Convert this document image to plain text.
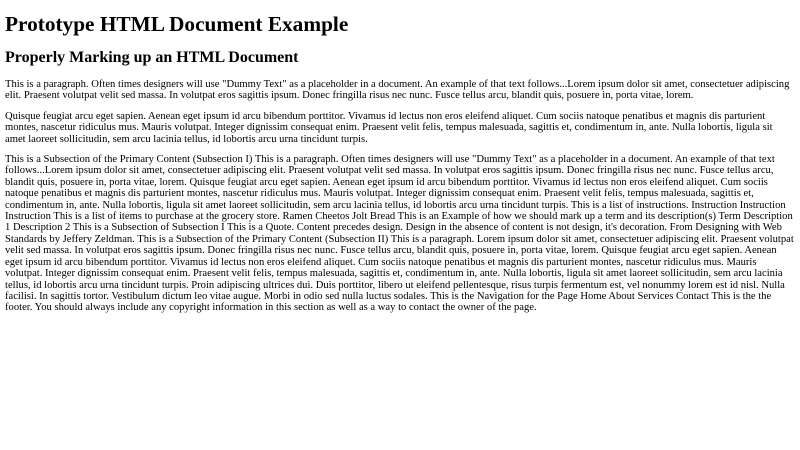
Prototype HTML Document Example
Properly Marking up an HTML Document

This is a paragraph. Often times designers will use "Dummy Text" as a placeholder in a document. An example of that text follows...Lorem ipsum dolor sit amet, consectetuer adipiscing elit. Praesent volutpat velit sed massa. In volutpat eros sagittis ipsum. Donec fringilla risus nec nunc. Fusce tellus arcu, blandit quis, posuere in, porta vitae, lorem.

Quisque feugiat arcu eget sapien. Aenean eget ipsum id arcu bibendum porttitor. Vivamus id lectus non eros eleifend aliquet. Cum sociis natoque penatibus et magnis dis parturient montes, nascetur ridiculus mus. Mauris volutpat. Integer dignissim consequat enim. Praesent velit felis, tempus malesuada, sagittis et, condimentum in, ante. Nulla lobortis, ligula sit amet laoreet sollicitudin, sem arcu lacinia tellus, id lobortis arcu urna tincidunt turpis.

This is a Subsection of the Primary Content (Subsection I) This is a paragraph. Often times designers will use "Dummy Text" as a placeholder in a document. An example of that text follows...Lorem ipsum dolor sit amet, consectetuer adipiscing elit. Praesent volutpat velit sed massa. In volutpat eros sagittis ipsum. Donec fringilla risus nec nunc. Fusce tellus arcu, blandit quis, posuere in, porta vitae, lorem. Quisque feugiat arcu eget sapien. Aenean eget ipsum id arcu bibendum porttitor. Vivamus id lectus non eros eleifend aliquet. Cum sociis natoque penatibus et magnis dis parturient montes, nascetur ridiculus mus. Mauris volutpat. Integer dignissim consequat enim. Praesent velit felis, tempus malesuada, sagittis et, condimentum in, ante. Nulla lobortis, ligula sit amet laoreet sollicitudin, sem arcu lacinia tellus, id lobortis arcu urna tincidunt turpis. This is a list of instructions. Instruction Instruction Instruction This is a list of items to purchase at the grocery store. Ramen Cheetos Jolt Bread This is an Example of how we should mark up a term and its description(s) Term Description 1 Description 2 This is a Subsection of Subsection I This is a Quote. Content precedes design. Design in the absence of content is not design, it's decoration. From Designing with Web Standards by Jeffery Zeldman. This is a Subsection of the Primary Content (Subsection II) This is a paragraph. Lorem ipsum dolor sit amet, consectetuer adipiscing elit. Praesent volutpat velit sed massa. In volutpat eros sagittis ipsum. Donec fringilla risus nec nunc. Fusce tellus arcu, blandit quis, posuere in, porta vitae, lorem. Quisque feugiat arcu eget sapien. Aenean eget ipsum id arcu bibendum porttitor. Vivamus id lectus non eros eleifend aliquet. Cum sociis natoque penatibus et magnis dis parturient montes, nascetur ridiculus mus. Mauris volutpat. Integer dignissim consequat enim. Praesent velit felis, tempus malesuada, sagittis et, condimentum in, ante. Nulla lobortis, ligula sit amet laoreet sollicitudin, sem arcu lacinia tellus, id lobortis arcu urna tincidunt turpis. Proin adipiscing ultrices dui. Duis porttitor, libero ut eleifend pellentesque, risus turpis fermentum est, vel nonummy lorem est id nisl. Nulla facilisi. In sagittis tortor. Vestibulum dictum leo vitae augue. Morbi in odio sed nulla luctus sodales. This is the Navigation for the Page Home About Services Contact This is the the footer. You should always include any copyright information in this section as well as a way to contact the owner of the page.
